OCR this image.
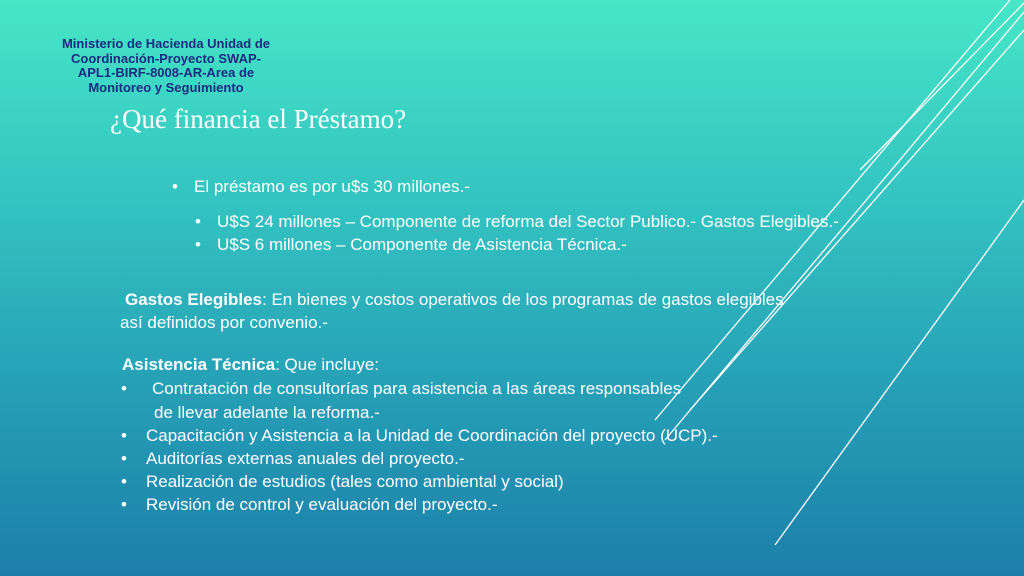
Ministerio de Hacienda Unidad de
Coordinación-Proyecto SWAP-
APL1-BIRF-8008-AR-Area de
Monitoreo y Seguimiento
¿Qué financia el Préstamo?
• El préstamo es por u$s 30 millones.-
• U$S 24 millones – Componente de reforma del Sector Publico.- Gastos Elegibles.-
• U$S 6 millones – Componente de Asistencia Técnica.-
Gastos Elegibles: En bienes y costos operativos de los programas de gastos elegibles
así definidos por convenio.-
Asistencia Técnica: Que incluye:
• Contratación de consultorías para asistencia a las áreas responsables
de llevar adelante la reforma.-
• Capacitación y Asistencia a la Unidad de Coordinación del proyecto (UCP).-
• Auditorías externas anuales del proyecto.-
• Realización de estudios (tales como ambiental y social)
• Revisión de control y evaluación del proyecto.-
